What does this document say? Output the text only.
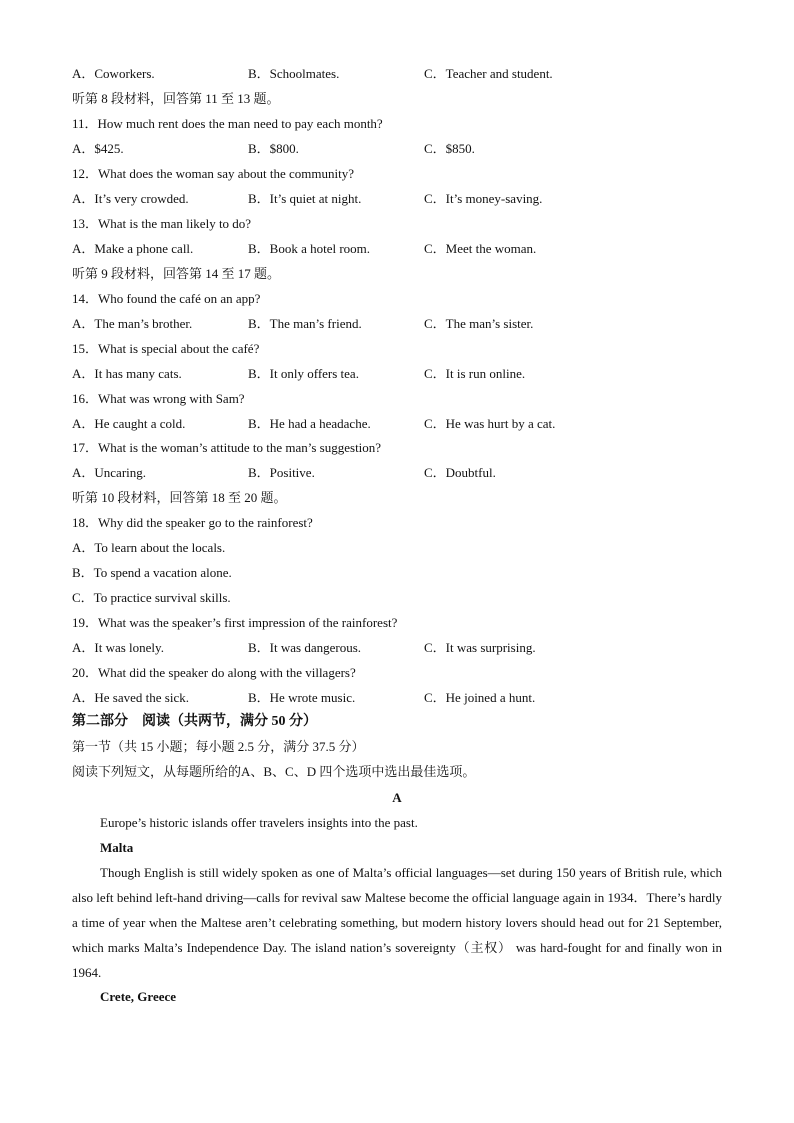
A．Coworkers.	B．Schoolmates.	C．Teacher and student.
听第 8 段材料，回答第 11 至 13 题。
11．How much rent does the man need to pay each month?
A．$425.	B．$800.	C．$850.
12．What does the woman say about the community?
A．It’s very crowded.	B．It’s quiet at night.	C．It’s money-saving.
13．What is the man likely to do?
A．Make a phone call.	B．Book a hotel room.	C．Meet the woman.
听第 9 段材料，回答第 14 至 17 题。
14．Who found the café on an app?
A．The man’s brother.	B．The man’s friend.	C．The man’s sister.
15．What is special about the café?
A．It has many cats.	B．It only offers tea.	C．It is run online.
16．What was wrong with Sam?
A．He caught a cold.	B．He had a headache.	C．He was hurt by a cat.
17．What is the woman’s attitude to the man’s suggestion?
A．Uncaring.	B．Positive.	C．Doubtful.
听第 10 段材料，回答第 18 至 20 题。
18．Why did the speaker go to the rainforest?
A．To learn about the locals.
B．To spend a vacation alone.
C．To practice survival skills.
19．What was the speaker’s first impression of the rainforest?
A．It was lonely.	B．It was dangerous.	C．It was surprising.
20．What did the speaker do along with the villagers?
A．He saved the sick.	B．He wrote music.	C．He joined a hunt.
第二部分　阅读（共两节，满分 50 分）
第一节（共 15 小题；每小题 2.5 分，满分 37.5 分）
阅读下列短文，从每题所给的A、B、C、D 四个选项中选出最佳选项。
A
Europe’s historic islands offer travelers insights into the past.
Malta
Though English is still widely spoken as one of Malta’s official languages—set during 150 years of British rule, which also left behind left-hand driving—calls for revival saw Maltese become the official language again in 1934．There’s hardly a time of year when the Maltese aren’t celebrating something, but modern history lovers should head out for 21 September, which marks Malta’s Independence Day. The island nation’s sovereignty（主权） was hard-fought for and finally won in 1964.
Crete, Greece
